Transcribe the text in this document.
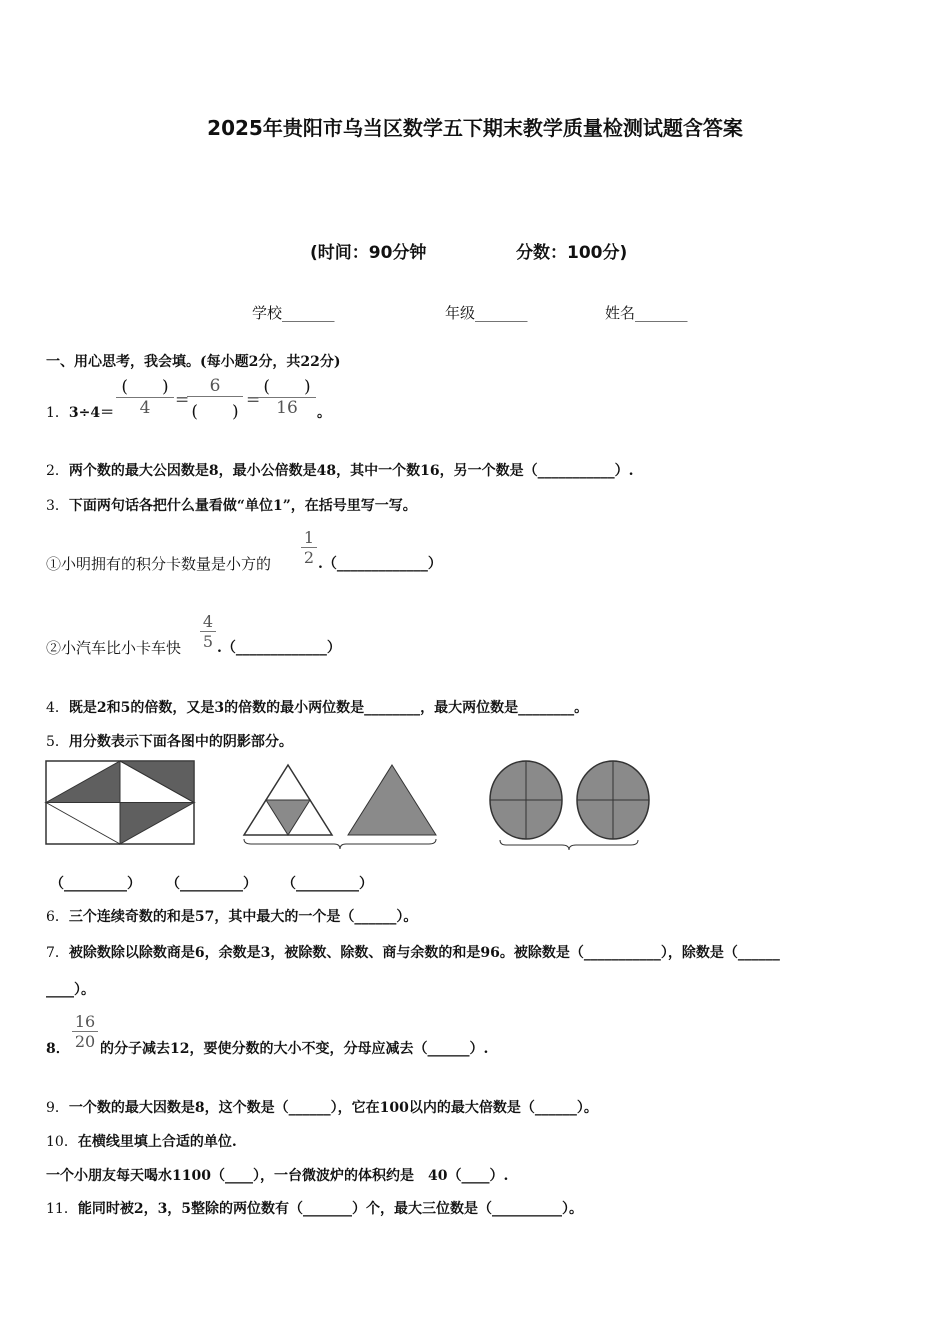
2025年贵阳市乌当区数学五下期末教学质量检测试题含答案
(时间：90分钟	分数：100分)
学校_______	年级_______	姓名_______
一、用心思考，我会填。(每小题2分，共22分)
1．3÷4＝
(　　)
4	=
6
(　　)
=
(　　)
16	。
2．两个数的最大公因数是8，最小公倍数是48，其中一个数16，另一个数是（___________）.
3．下面两句话各把什么量看做“单位1”，在括号里写一写。
①小明拥有的积分卡数量是小方的
1
2 .（_____________）
②小汽车比小卡车快
4
5 .（_____________）
4．既是2和5的倍数，又是3的倍数的最小两位数是________，最大两位数是________。
5．用分数表示下面各图中的阴影部分。
（_________） （_________） （_________）
6．三个连续奇数的和是57，其中最大的一个是（______）。
7．被除数除以除数商是6，余数是3，被除数、除数、商与余数的和是96。被除数是（___________），除数是（______
____）。
8．
16
20 的分子减去12，要使分数的大小不变，分母应减去（______）.
9．一个数的最大因数是8，这个数是（______），它在100以内的最大倍数是（______）。
10．在横线里填上合适的单位.
一个小朋友每天喝水1100（____），一台微波炉的体积约是　40（____）.
11．能同时被2，3，5整除的两位数有（_______）个，最大三位数是（__________）。
